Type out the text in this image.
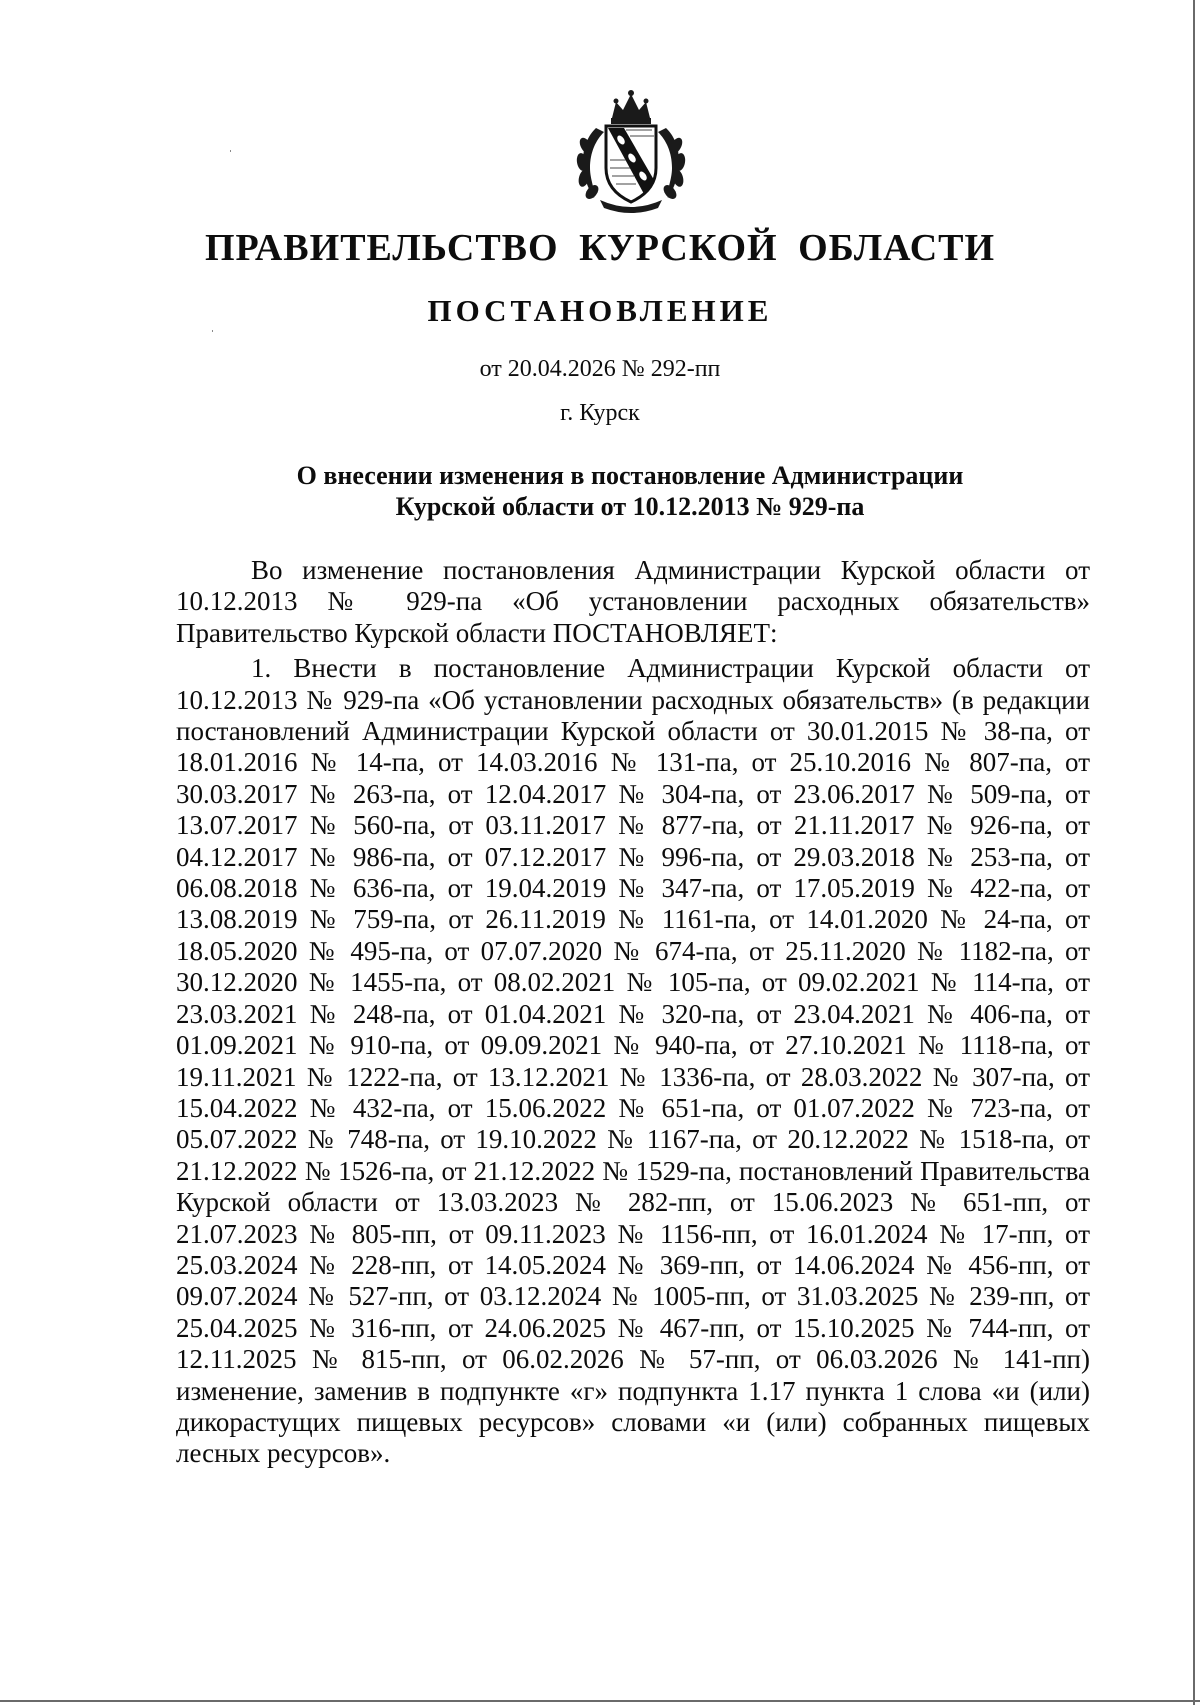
ПРАВИТЕЛЬСТВО КУРСКОЙ ОБЛАСТИ
ПОСТАНОВЛЕНИЕ

от 20.04.2026 № 292-пп

г. Курск

О внесении изменения в постановление Администрации
Курской области от 10.12.2013 № 929-па

Во изменение постановления Администрации Курской области от 10.12.2013 № 929-па «Об установлении расходных обязательств» Правительство Курской области ПОСТАНОВЛЯЕТ:

1. Внести в постановление Администрации Курской области от 10.12.2013 № 929-па «Об установлении расходных обязательств» (в редакции постановлений Администрации Курской области от 30.01.2015 № 38-па, от 18.01.2016 № 14-па, от 14.03.2016 № 131-па, от 25.10.2016 № 807-па, от 30.03.2017 № 263-па, от 12.04.2017 № 304-па, от 23.06.2017 № 509-па, от 13.07.2017 № 560-па, от 03.11.2017 № 877-па, от 21.11.2017 № 926-па, от 04.12.2017 № 986-па, от 07.12.2017 № 996-па, от 29.03.2018 № 253-па, от 06.08.2018 № 636-па, от 19.04.2019 № 347-па, от 17.05.2019 № 422-па, от 13.08.2019 № 759-па, от 26.11.2019 № 1161-па, от 14.01.2020 № 24-па, от 18.05.2020 № 495-па, от 07.07.2020 № 674-па, от 25.11.2020 № 1182-па, от 30.12.2020 № 1455-па, от 08.02.2021 № 105-па, от 09.02.2021 № 114-па, от 23.03.2021 № 248-па, от 01.04.2021 № 320-па, от 23.04.2021 № 406-па, от 01.09.2021 № 910-па, от 09.09.2021 № 940-па, от 27.10.2021 № 1118-па, от 19.11.2021 № 1222-па, от 13.12.2021 № 1336-па, от 28.03.2022 № 307-па, от 15.04.2022 № 432-па, от 15.06.2022 № 651-па, от 01.07.2022 № 723-па, от 05.07.2022 № 748-па, от 19.10.2022 № 1167-па, от 20.12.2022 № 1518-па, от 21.12.2022 № 1526-па, от 21.12.2022 № 1529-па, постановлений Правительства Курской области от 13.03.2023 № 282-пп, от 15.06.2023 № 651-пп, от 21.07.2023 № 805-пп, от 09.11.2023 № 1156-пп, от 16.01.2024 № 17-пп, от 25.03.2024 № 228-пп, от 14.05.2024 № 369-пп, от 14.06.2024 № 456-пп, от 09.07.2024 № 527-пп, от 03.12.2024 № 1005-пп, от 31.03.2025 № 239-пп, от 25.04.2025 № 316-пп, от 24.06.2025 № 467-пп, от 15.10.2025 № 744-пп, от 12.11.2025 № 815-пп, от 06.02.2026 № 57-пп, от 06.03.2026 № 141-пп) изменение, заменив в подпункте «г» подпункта 1.17 пункта 1 слова «и (или) дикорастущих пищевых ресурсов» словами «и (или) собранных пищевых лесных ресурсов».
